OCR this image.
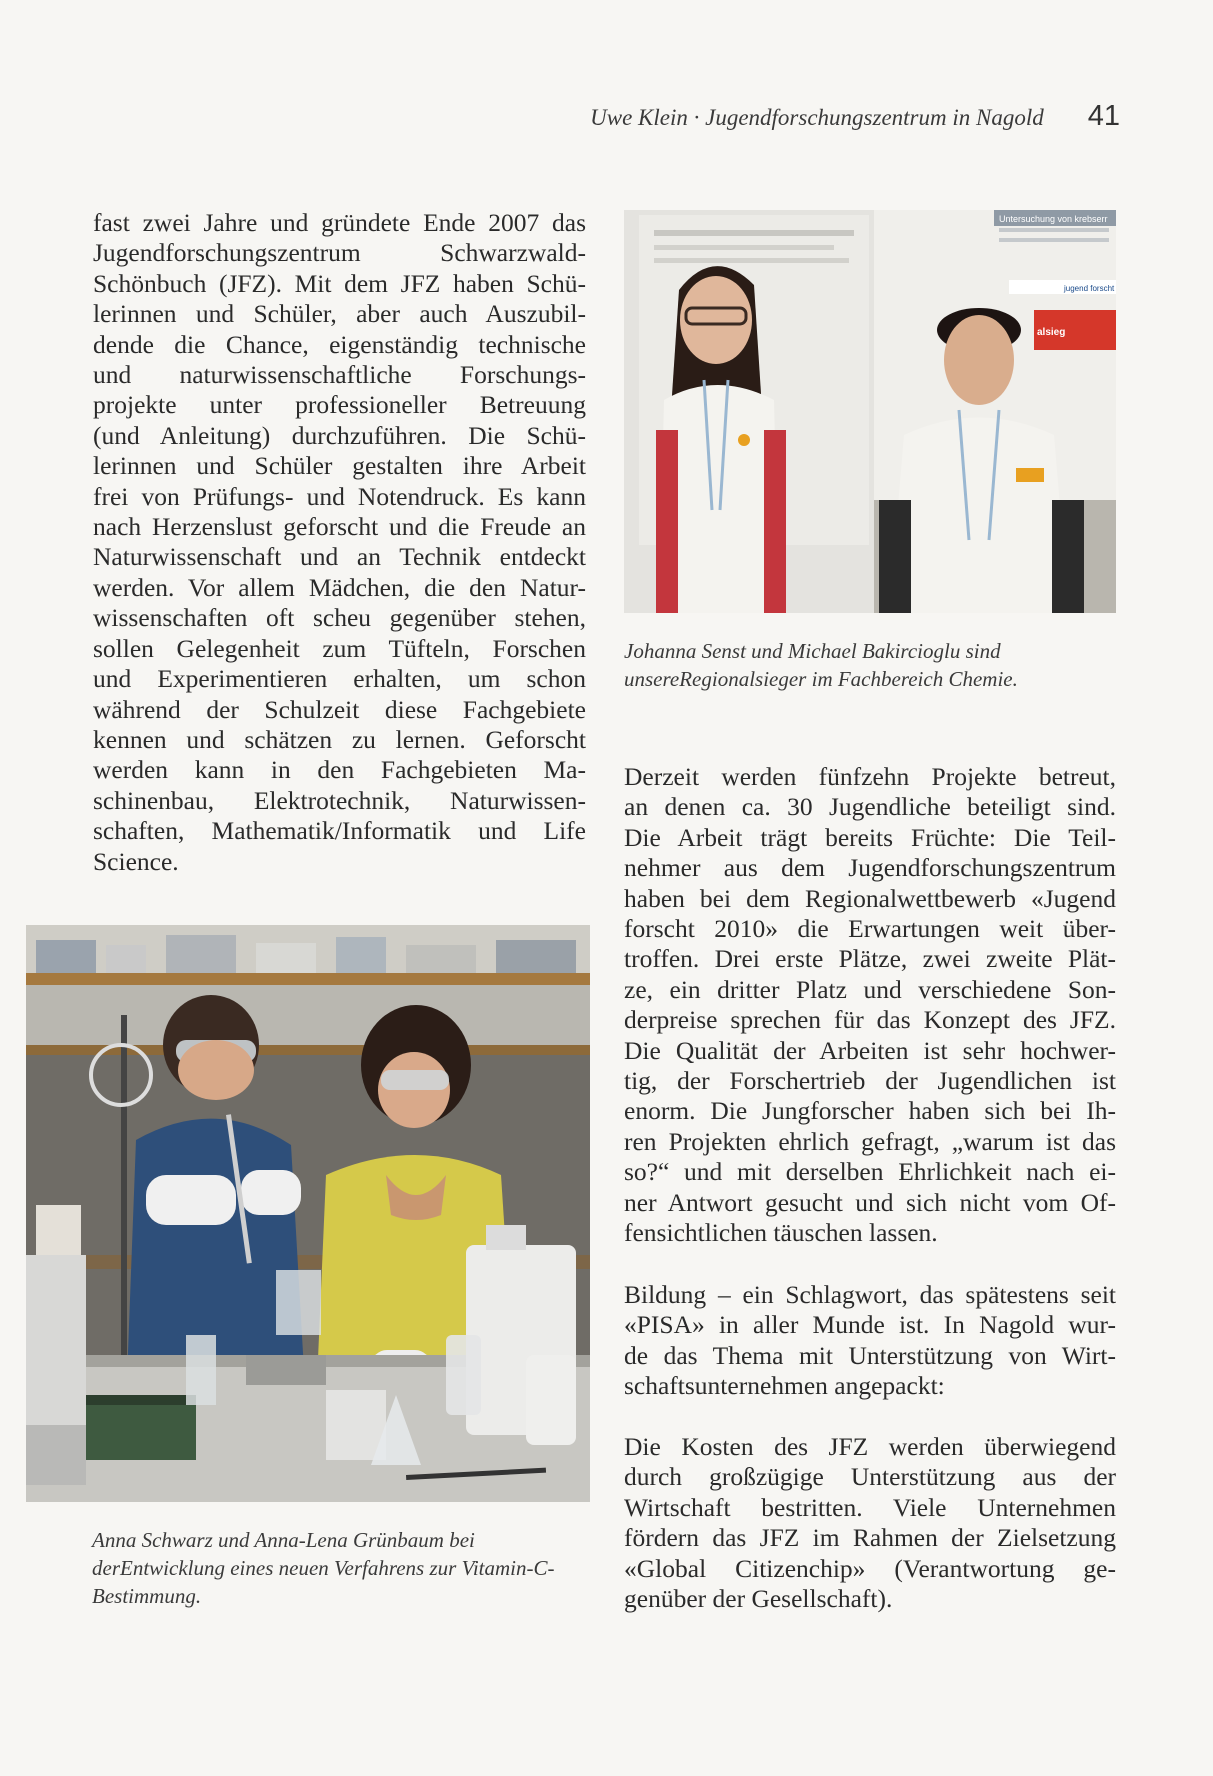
Uwe Klein · Jugendforschungszentrum in Nagold 41
fast zwei Jahre und gründete Ende 2007 das
Jugendforschungszentrum Schwarzwald-
Schönbuch (JFZ). Mit dem JFZ haben Schü-
lerinnen und Schüler, aber auch Auszubil-
dende die Chance, eigenständig technische
und naturwissenschaftliche Forschungs-
projekte unter professioneller Betreuung
(und Anleitung) durchzuführen. Die Schü-
lerinnen und Schüler gestalten ihre Arbeit
frei von Prüfungs- und Notendruck. Es kann
nach Herzenslust geforscht und die Freude an
Naturwissenschaft und an Technik entdeckt
werden. Vor allem Mädchen, die den Natur-
wissenschaften oft scheu gegenüber stehen,
sollen Gelegenheit zum Tüfteln, Forschen
und Experimentieren erhalten, um schon
während der Schulzeit diese Fachgebiete
kennen und schätzen zu lernen. Geforscht
werden kann in den Fachgebieten Ma-
schinenbau, Elektrotechnik, Naturwissen-
schaften, Mathematik/Informatik und Life
Science.
Anna Schwarz und Anna-Lena Grünbaum bei derEntwicklung eines neuen Verfahrens zur Vitamin-C-Bestimmung.
Untersuchung von krebserr
jugend forscht
alsieg
Johanna Senst und Michael Bakircioglu sind unsereRegionalsieger im Fachbereich Chemie.
Derzeit werden fünfzehn Projekte betreut,
an denen ca. 30 Jugendliche beteiligt sind.
Die Arbeit trägt bereits Früchte: Die Teil-
nehmer aus dem Jugendforschungszentrum
haben bei dem Regionalwettbewerb «Jugend
forscht 2010» die Erwartungen weit über-
troffen. Drei erste Plätze, zwei zweite Plät-
ze, ein dritter Platz und verschiedene Son-
derpreise sprechen für das Konzept des JFZ.
Die Qualität der Arbeiten ist sehr hochwer-
tig, der Forschertrieb der Jugendlichen ist
enorm. Die Jungforscher haben sich bei Ih-
ren Projekten ehrlich gefragt, „warum ist das
so?“ und mit derselben Ehrlichkeit nach ei-
ner Antwort gesucht und sich nicht vom Of-
fensichtlichen täuschen lassen.
Bildung – ein Schlagwort, das spätestens seit
«PISA» in aller Munde ist. In Nagold wur-
de das Thema mit Unterstützung von Wirt-
schaftsunternehmen angepackt:
Die Kosten des JFZ werden überwiegend
durch großzügige Unterstützung aus der
Wirtschaft bestritten. Viele Unternehmen
fördern das JFZ im Rahmen der Zielsetzung
«Global Citizenchip» (Verantwortung ge-
genüber der Gesellschaft).
